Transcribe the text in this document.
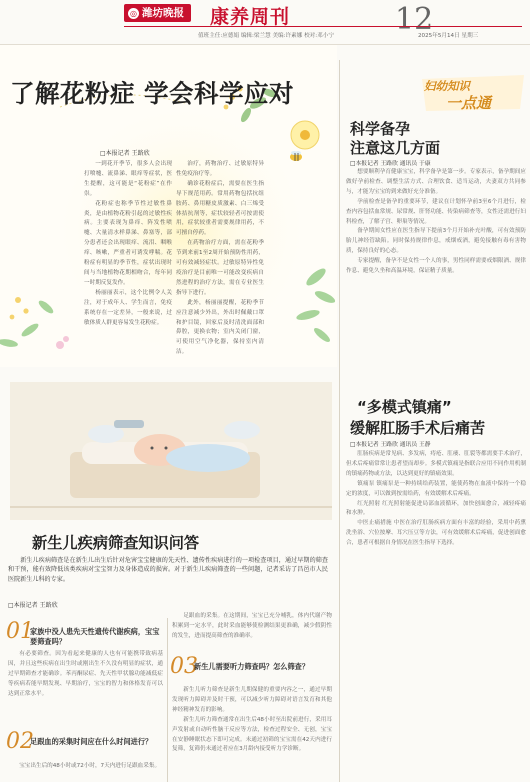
◎ 潍坊晚报 康养周刊	12
值班主任:应德娟 编辑:梁兰慧 美编:许素娜 校对:邓小宁	2025年5月14日 星期三
了解花粉症 学会科学应对
□本报记者 王路欣

一到花开季节，很多人会出现打喷嚏、流鼻涕、眼痒等症状，医生提醒，这可能是“花粉症”在作祟。

花粉症也称季节性过敏性鼻炎，是由植物花粉引起的过敏性疾病。主要表现为鼻痒、阵发性喷嚏、大量清水样鼻涕、鼻塞等，部分患者还会出现眼痒、流泪、咽喉痒、咳嗽，严重者可诱发哮喘。花粉症有明显的季节性，症状出现时间与当地植物花期相吻合，每年同一时期反复发作。

杨丽丽表示，这个比例令人关注，对于成年人、学生而言，免疫系统存在一定差异，一般来说，过敏体质人群更容易发生花粉症。

治疗，药物治疗、过敏原特异性免疫治疗等。

确诊花粉症后，需要在医生指导下规范用药。常用药物包括抗组胺药、鼻用糖皮质激素、白三烯受体拮抗剂等，症状较轻者可按需使用，症状较重者需要规律用药，不可擅自停药。

在药物治疗方面，需在花粉季节到来前1至2周开始预防性用药，可有效减轻症状。过敏原特异性免疫治疗是目前唯一可能改变疾病自然进程的治疗方法，需在专业医生指导下进行。

此外，杨丽丽提醒，花粉季节应注意减少外出，外出时佩戴口罩和护目镜，回家后及时清洗面部和鼻腔，更换衣物；室内关闭门窗，可使用空气净化器，保持室内清洁。

新生儿疾病筛查知识问答

新生儿疾病筛查是在新生儿出生后针对危害宝宝健康的先天性、遗传性疾病进行的一项检查项目，通过早期的筛查和干预，能有效降低该类疾病对宝宝智力及身体造成的损害。对于新生儿疾病筛查的一些问题，记者采访了昌邑市人民医院新生儿科的专家。

□本报记者 王路欣
01
家族中没人患先天性遗传代谢疾病，宝宝要筛查吗？

有必要筛查。因为看起来健康的人也有可能携带致病基因，并且这些疾病在出生时或刚出生不久没有明显的症状，通过早期筛查才能确诊。苯丙酮尿症、先天性甲状腺功能减低症等疾病若能早期发现、早期治疗，宝宝的智力和体格发育可以达到正常水平。

02
足跟血的采集时间应在什么时间进行？

宝宝出生后的48小时或72小时，7天内进行足跟血采集。

足跟血的采集。在这期间，宝宝已充分哺乳，体内代谢产物积累到一定水平，此时采血能够使检测结果更准确，减少假阴性的发生，进而提高筛查的准确率。

03
新生儿需要听力筛查吗？怎么筛查？

新生儿听力筛查是新生儿期保健的重要内容之一，通过早期发现听力障碍并及时干预，可以减少听力障碍对语言发育和其他神经精神发育的影响。

新生儿听力筛查通常在出生后48小时至出院前进行，采用耳声发射或自动听性脑干反应等方法，检查过程安全、无创，宝宝在安静睡眠状态下即可完成。未通过初筛的宝宝需在42天内进行复筛，复筛仍未通过者应在3月龄内接受听力学诊断。

妇幼知识
一点通
科学备孕
注意这几方面
□本报记者 王路欣 通讯员 于康

想要顺利孕育健康宝宝，科学备孕是第一步。专家表示，备孕期间应做好孕前检查、调整生活方式、合理饮食、适当运动，夫妻双方共同参与，才能为宝宝的到来做好充分准备。

孕前检查是备孕的重要环节，建议在计划怀孕前3至6个月进行，检查内容包括血常规、尿常规、肝肾功能、传染病筛查等，女性还需进行妇科检查，了解子宫、卵巢等情况。

备孕期间女性应在医生指导下提前3个月开始补充叶酸，可有效预防胎儿神经管缺陷。同时保持规律作息，戒烟戒酒，避免接触有毒有害物质，保持良好的心态。

专家提醒，备孕不是女性一个人的事，男性同样需要戒烟限酒、规律作息、避免久坐和高温环境，保证精子质量。

“多模式镇痛”
缓解肛肠手术后痛苦
□本报记者 王路欣 通讯员 王静

肛肠疾病是常见病、多发病，痔疮、肛瘘、肛裂等都需要手术治疗，但术后疼痛常常让患者望而却步。多模式镇痛是指联合应用不同作用机制的镇痛药物或方法，以达到更好的镇痛效果。

镇痛泵 镇痛泵是一种持续给药装置，能使药物在血液中保持一个稳定的浓度，可以做到按需给药，有效缓解术后疼痛。

红光照射 红光照射能促进局部血液循环，加快创面愈合，减轻疼痛和水肿。

中医止痛措施 中医在治疗肛肠疾病方面有丰富的经验，采用中药熏洗坐浴、穴位按摩、耳穴压豆等方法，可有效缓解术后疼痛，促进创面愈合，患者可根据自身情况在医生指导下选择。
